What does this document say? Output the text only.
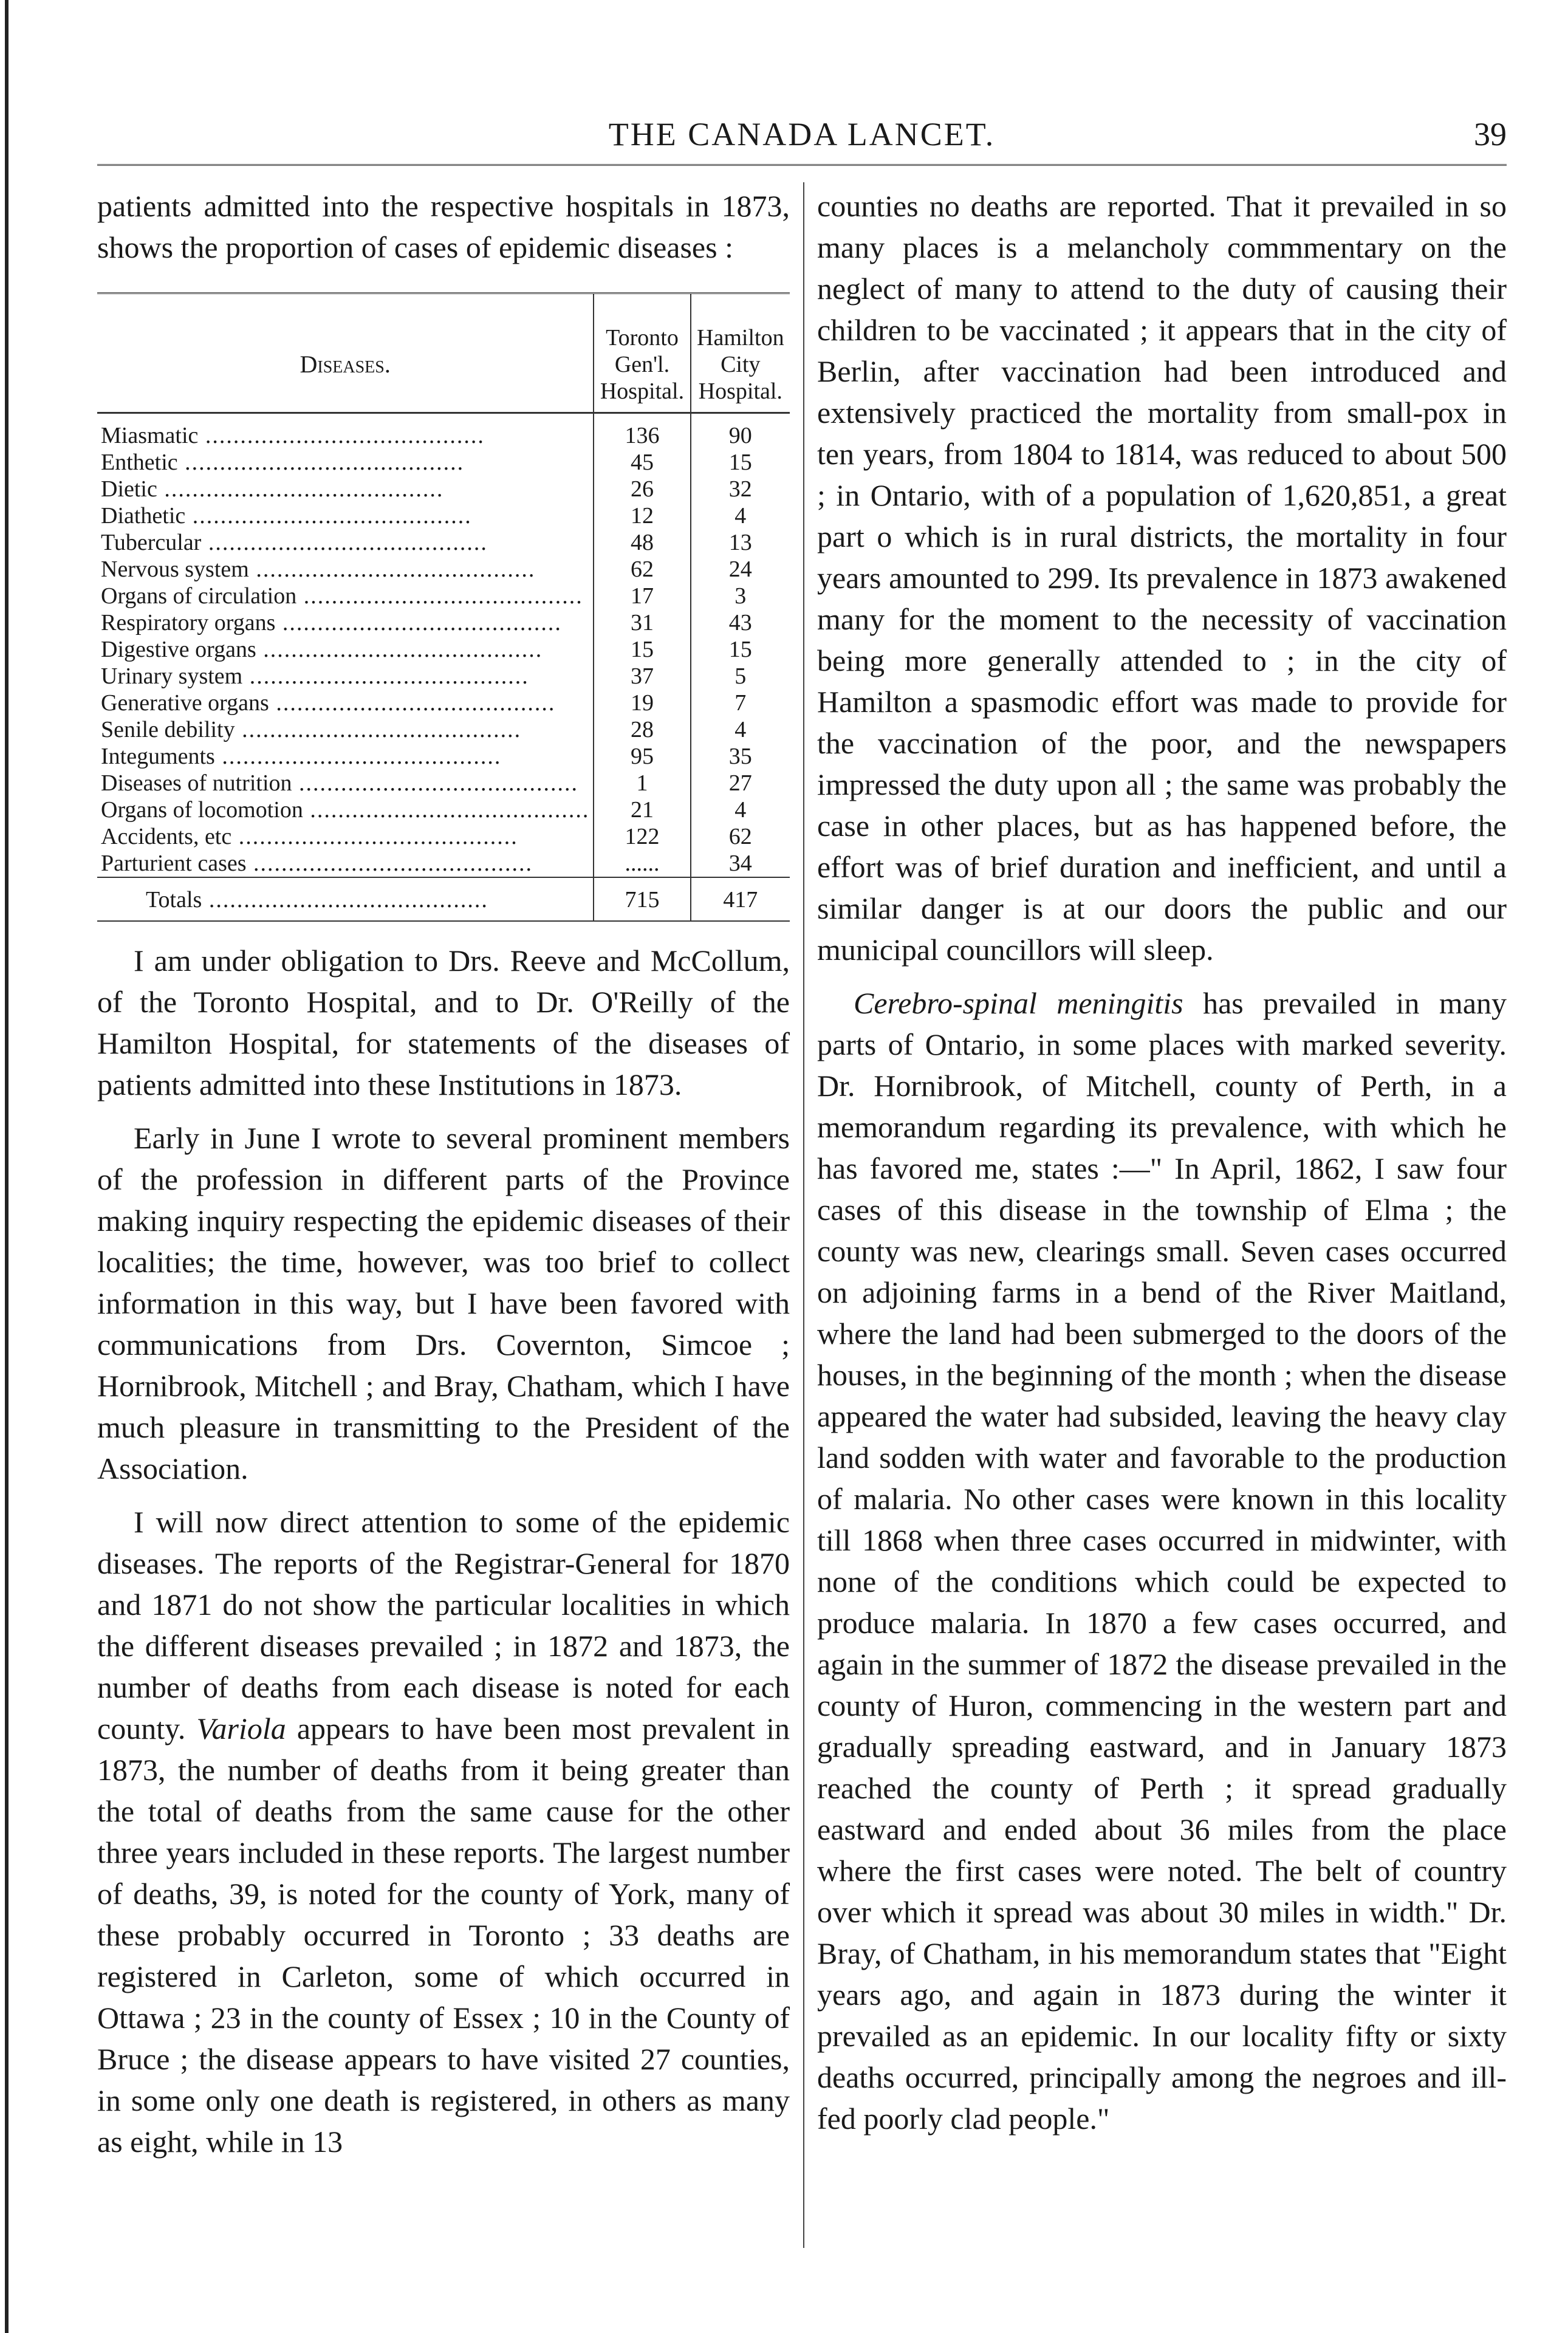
THE CANADA LANCET.	39

patients admitted into the respective hospitals in 1873, shows the proportion of cases of epidemic diseases :

Diseases.	Toronto Gen'l. Hospital.	Hamilton City Hospital.
Miasmatic .....	136	90
Enthetic .....	45	15
Dietic .....	26	32
Diathetic .....	12	4
Tubercular .....	48	13
Nervous system .....	62	24
Organs of circulation .....	17	3
Respiratory organs .....	31	43
Digestive organs .....	15	15
Urinary system .....	37	5
Generative organs .....	19	7
Senile debility .....	28	4
Integuments .....	95	35
Diseases of nutrition .....	1	27
Organs of locomotion .....	21	4
Accidents, etc .....	122	62
Parturient cases .....	......	34
Totals .....	715	417

I am under obligation to Drs. Reeve and McCollum, of the Toronto Hospital, and to Dr. O'Reilly of the Hamilton Hospital, for statements of the diseases of patients admitted into these Institutions in 1873.

Early in June I wrote to several prominent members of the profession in different parts of the Province making inquiry respecting the epidemic diseases of their localities; the time, however, was too brief to collect information in this way, but I have been favored with communications from Drs. Covernton, Simcoe ; Hornibrook, Mitchell ; and Bray, Chatham, which I have much pleasure in transmitting to the President of the Association.

I will now direct attention to some of the epidemic diseases. The reports of the Registrar-General for 1870 and 1871 do not show the particular localities in which the different diseases prevailed ; in 1872 and 1873, the number of deaths from each disease is noted for each county. Variola appears to have been most prevalent in 1873, the number of deaths from it being greater than the total of deaths from the same cause for the other three years included in these reports. The largest number of deaths, 39, is noted for the county of York, many of these probably occurred in Toronto ; 33 deaths are registered in Carleton, some of which occurred in Ottawa ; 23 in the county of Essex ; 10 in the County of Bruce ; the disease appears to have visited 27 counties, in some only one death is registered, in others as many as eight, while in 13

counties no deaths are reported. That it prevailed in so many places is a melancholy commmentary on the neglect of many to attend to the duty of causing their children to be vaccinated ; it appears that in the city of Berlin, after vaccination had been introduced and extensively practiced the mortality from small-pox in ten years, from 1804 to 1814, was reduced to about 500 ; in Ontario, with of a population of 1,620,851, a great part o which is in rural districts, the mortality in four years amounted to 299. Its prevalence in 1873 awakened many for the moment to the necessity of vaccination being more generally attended to ; in the city of Hamilton a spasmodic effort was made to provide for the vaccination of the poor, and the newspapers impressed the duty upon all ; the same was probably the case in other places, but as has happened before, the effort was of brief duration and inefficient, and until a similar danger is at our doors the public and our municipal councillors will sleep.

Cerebro-spinal meningitis has prevailed in many parts of Ontario, in some places with marked severity. Dr. Hornibrook, of Mitchell, county of Perth, in a memorandum regarding its prevalence, with which he has favored me, states :—" In April, 1862, I saw four cases of this disease in the township of Elma ; the county was new, clearings small. Seven cases occurred on adjoining farms in a bend of the River Maitland, where the land had been submerged to the doors of the houses, in the beginning of the month ; when the disease appeared the water had subsided, leaving the heavy clay land sodden with water and favorable to the production of malaria. No other cases were known in this locality till 1868 when three cases occurred in midwinter, with none of the conditions which could be expected to produce malaria. In 1870 a few cases occurred, and again in the summer of 1872 the disease prevailed in the county of Huron, commencing in the western part and gradually spreading eastward, and in January 1873 reached the county of Perth ; it spread gradually eastward and ended about 36 miles from the place where the first cases were noted. The belt of country over which it spread was about 30 miles in width." Dr. Bray, of Chatham, in his memorandum states that "Eight years ago, and again in 1873 during the winter it prevailed as an epidemic. In our locality fifty or sixty deaths occurred, principally among the negroes and ill-fed poorly clad people."
